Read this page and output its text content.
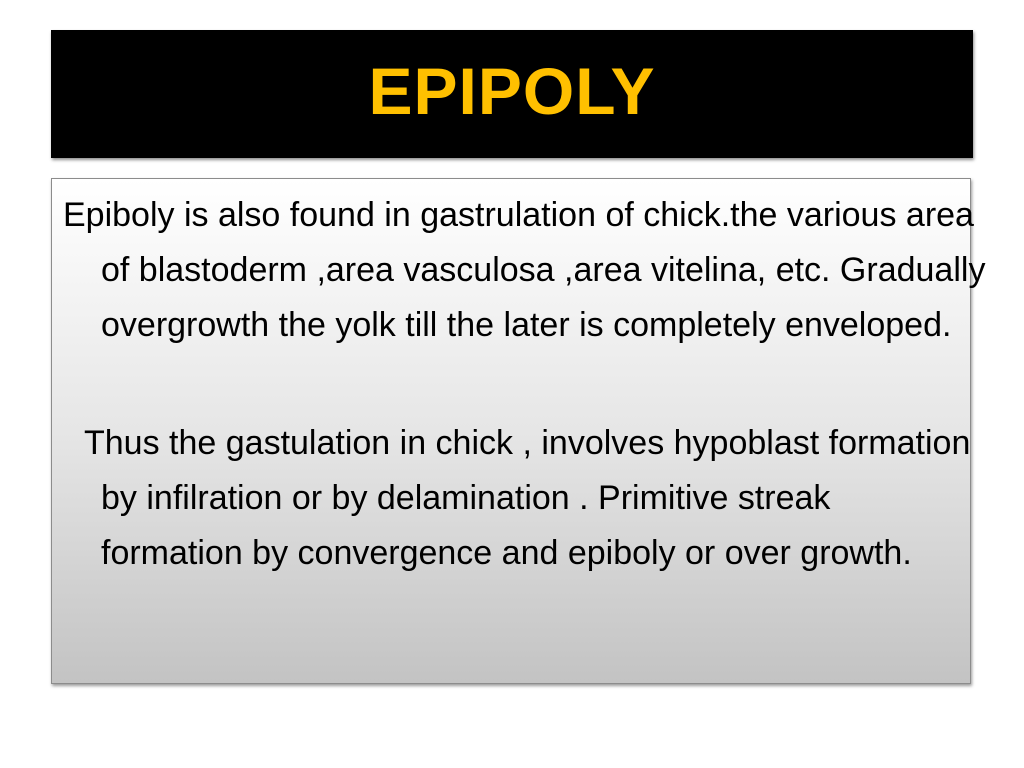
EPIPOLY

Epiboly is also found in gastrulation of chick.the various area of blastoderm ,area vasculosa ,area vitelina, etc. Gradually overgrowth the yolk till the later is completely enveloped.

Thus the gastulation in chick , involves hypoblast formation by infilration or by delamination . Primitive streak formation by convergence and epiboly or over growth.
